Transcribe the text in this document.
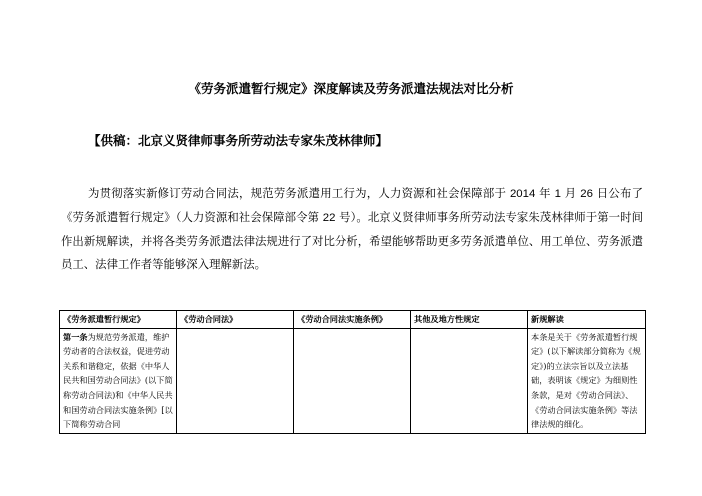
《劳务派遣暂行规定》深度解读及劳务派遣法规法对比分析
【供稿：北京义贤律师事务所劳动法专家朱茂林律师】

为贯彻落实新修订劳动合同法，规范劳务派遣用工行为，人力资源和社会保障部于 2014 年 1 月 26 日公布了《劳务派遣暂行规定》（人力资源和社会保障部令第 22 号）。北京义贤律师事务所劳动法专家朱茂林律师于第一时间作出新规解读，并将各类劳务派遣法律法规进行了对比分析，希望能够帮助更多劳务派遣单位、用工单位、劳务派遣员工、法律工作者等能够深入理解新法。

《劳务派遣暂行规定》	《劳动合同法》	《劳动合同法实施条例》	其他及地方性规定	新规解读
第一条为规范劳务派遣，维护劳动者的合法权益，促进劳动关系和谐稳定，依据《中华人民共和国劳动合同法》(以下简称劳动合同法)和《中华人民共和国劳动合同法实施条例》[以下简称劳动合同				本条是关于《劳务派遣暂行规定》(以下解读部分简称为《规定》)的立法宗旨以及立法基础，表明该《规定》为细则性条款，是对《劳动合同法》、《劳动合同法实施条例》等法律法规的细化。
